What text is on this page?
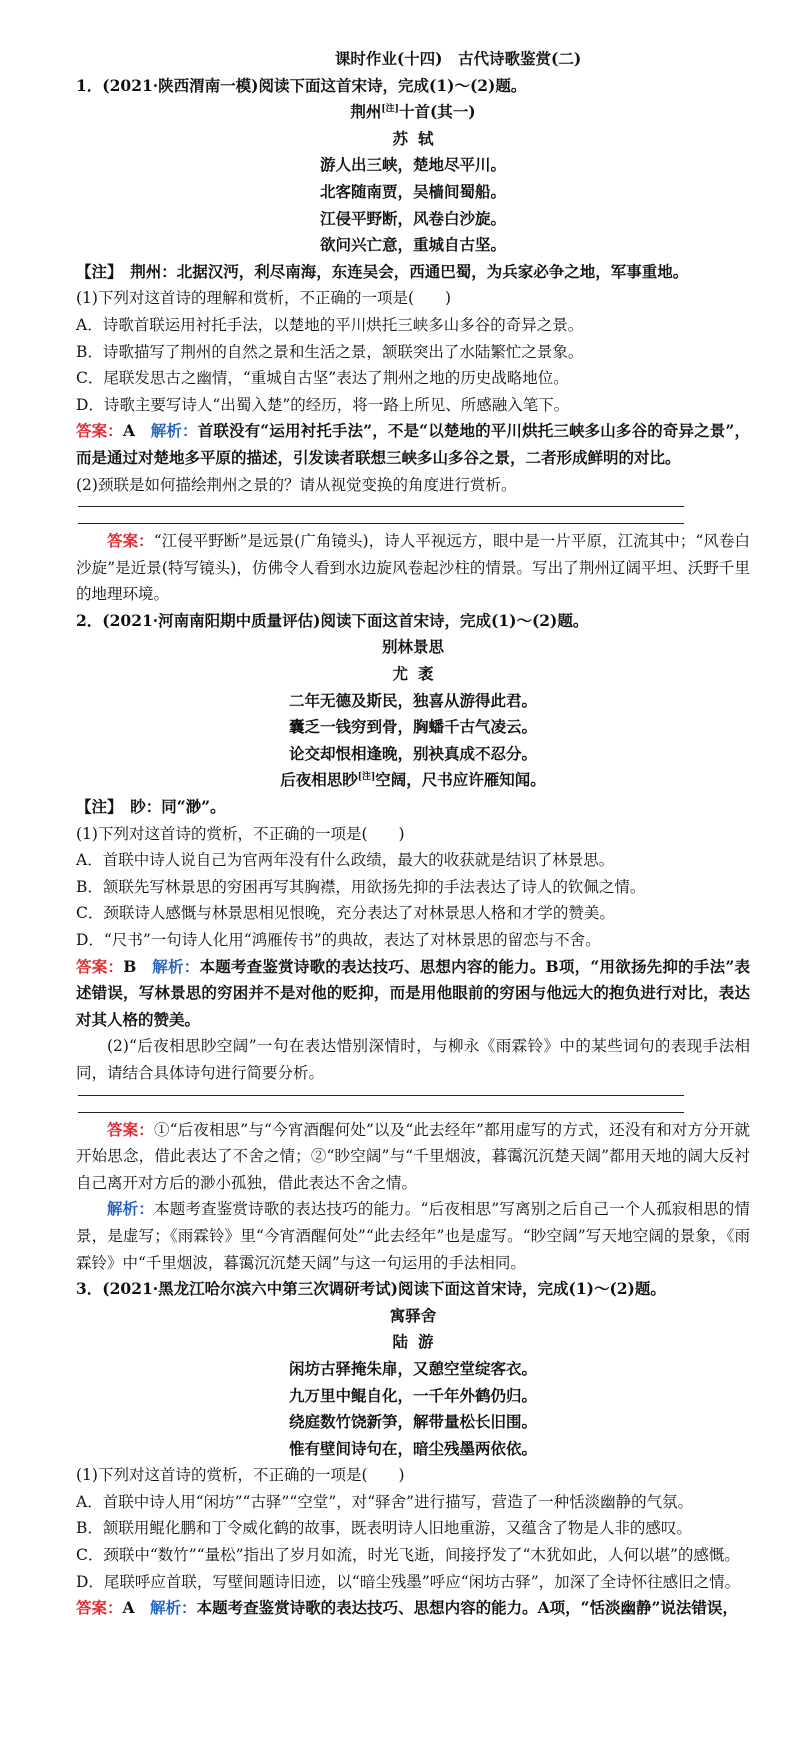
课时作业(十四)　古代诗歌鉴赏(二)

1．(2021·陕西渭南一模)阅读下面这首宋诗，完成(1)～(2)题。

荆州[注]十首(其一)

苏轼

游人出三峡，楚地尽平川。

北客随南贾，吴樯间蜀船。

江侵平野断，风卷白沙旋。

欲问兴亡意，重城自古坚。

【注】　荆州：北据汉沔，利尽南海，东连吴会，西通巴蜀，为兵家必争之地，军事重地。

(1)下列对这首诗的理解和赏析，不正确的一项是(　　)

A．诗歌首联运用衬托手法，以楚地的平川烘托三峡多山多谷的奇异之景。

B．诗歌描写了荆州的自然之景和生活之景，颔联突出了水陆繁忙之景象。

C．尾联发思古之幽情，“重城自古坚”表达了荆州之地的历史战略地位。

D．诗歌主要写诗人“出蜀入楚”的经历，将一路上所见、所感融入笔下。

答案：A　解析：首联没有“运用衬托手法”，不是“以楚地的平川烘托三峡多山多谷的奇异之景”，而是通过对楚地多平原的描述，引发读者联想三峡多山多谷之景，二者形成鲜明的对比。

(2)颈联是如何描绘荆州之景的？请从视觉变换的角度进行赏析。

答案：“江侵平野断”是远景(广角镜头)，诗人平视远方，眼中是一片平原，江流其中；“风卷白沙旋”是近景(特写镜头)，仿佛令人看到水边旋风卷起沙柱的情景。写出了荆州辽阔平坦、沃野千里的地理环境。

2．(2021·河南南阳期中质量评估)阅读下面这首宋诗，完成(1)～(2)题。

别林景思

尤袤

二年无德及斯民，独喜从游得此君。

囊乏一钱穷到骨，胸蟠千古气凌云。

论交却恨相逢晚，别袂真成不忍分。

后夜相思眇[注]空阔，尺书应许雁知闻。

【注】　眇：同“渺”。

(1)下列对这首诗的赏析，不正确的一项是(　　)

A．首联中诗人说自己为官两年没有什么政绩，最大的收获就是结识了林景思。

B．颔联先写林景思的穷困再写其胸襟，用欲扬先抑的手法表达了诗人的钦佩之情。

C．颈联诗人感慨与林景思相见恨晚，充分表达了对林景思人格和才学的赞美。

D．“尺书”一句诗人化用“鸿雁传书”的典故，表达了对林景思的留恋与不舍。

答案：B　解析：本题考查鉴赏诗歌的表达技巧、思想内容的能力。B项，“用欲扬先抑的手法”表述错误，写林景思的穷困并不是对他的贬抑，而是用他眼前的穷困与他远大的抱负进行对比，表达对其人格的赞美。

(2)“后夜相思眇空阔”一句在表达惜别深情时，与柳永《雨霖铃》中的某些词句的表现手法相同，请结合具体诗句进行简要分析。

答案：①“后夜相思”与“今宵酒醒何处”以及“此去经年”都用虚写的方式，还没有和对方分开就开始思念，借此表达了不舍之情；②“眇空阔”与“千里烟波，暮霭沉沉楚天阔”都用天地的阔大反衬自己离开对方后的渺小孤独，借此表达不舍之情。

解析：本题考查鉴赏诗歌的表达技巧的能力。“后夜相思”写离别之后自己一个人孤寂相思的情景，是虚写；《雨霖铃》里“今宵酒醒何处”“此去经年”也是虚写。“眇空阔”写天地空阔的景象，《雨霖铃》中“千里烟波，暮霭沉沉楚天阔”与这一句运用的手法相同。

3．(2021·黑龙江哈尔滨六中第三次调研考试)阅读下面这首宋诗，完成(1)～(2)题。

寓驿舍

陆游

闲坊古驿掩朱扉，又憩空堂绽客衣。

九万里中鲲自化，一千年外鹤仍归。

绕庭数竹饶新笋，解带量松长旧围。

惟有壁间诗句在，暗尘残墨两依依。

(1)下列对这首诗的赏析，不正确的一项是(　　)

A．首联中诗人用“闲坊”“古驿”“空堂”，对“驿舍”进行描写，营造了一种恬淡幽静的气氛。

B．颔联用鲲化鹏和丁令威化鹤的故事，既表明诗人旧地重游，又蕴含了物是人非的感叹。

C．颈联中“数竹”“量松”指出了岁月如流，时光飞逝，间接抒发了“木犹如此，人何以堪”的感慨。

D．尾联呼应首联，写壁间题诗旧迹，以“暗尘残墨”呼应“闲坊古驿”，加深了全诗怀往感旧之情。

答案：A　解析：本题考查鉴赏诗歌的表达技巧、思想内容的能力。A项，“恬淡幽静”说法错误，
